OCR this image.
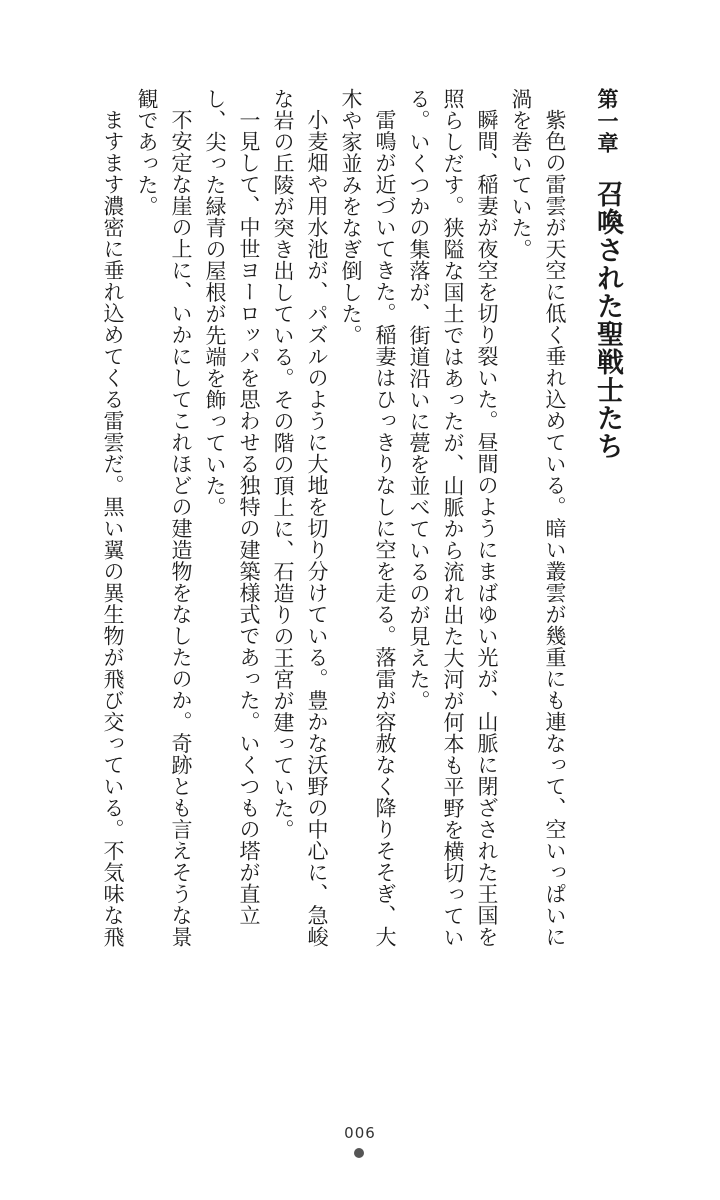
第一章召喚された聖戦士たち

紫色の雷雲が天空に低く垂れ込めている。暗い叢雲が幾重にも連なって、空いっぱいに渦を巻いていた。

瞬間、稲妻が夜空を切り裂いた。昼間のようにまばゆい光が、山脈に閉ざされた王国を照らしだす。狭隘な国土ではあったが、山脈から流れ出た大河が何本も平野を横切っている。いくつかの集落が、街道沿いに甍を並べているのが見えた。

雷鳴が近づいてきた。稲妻はひっきりなしに空を走る。落雷が容赦なく降りそそぎ、大木や家並みをなぎ倒した。

小麦畑や用水池が、パズルのように大地を切り分けている。豊かな沃野の中心に、急峻な岩の丘陵が突き出している。その階の頂上に、石造りの王宮が建っていた。

一見して、中世ヨーロッパを思わせる独特の建築様式であった。いくつもの塔が直立し、尖った緑青の屋根が先端を飾っていた。

不安定な崖の上に、いかにしてこれほどの建造物をなしたのか。奇跡とも言えそうな景観であった。

ますます濃密に垂れ込めてくる雷雲だ。黒い翼の異生物が飛び交っている。不気味な飛

006
